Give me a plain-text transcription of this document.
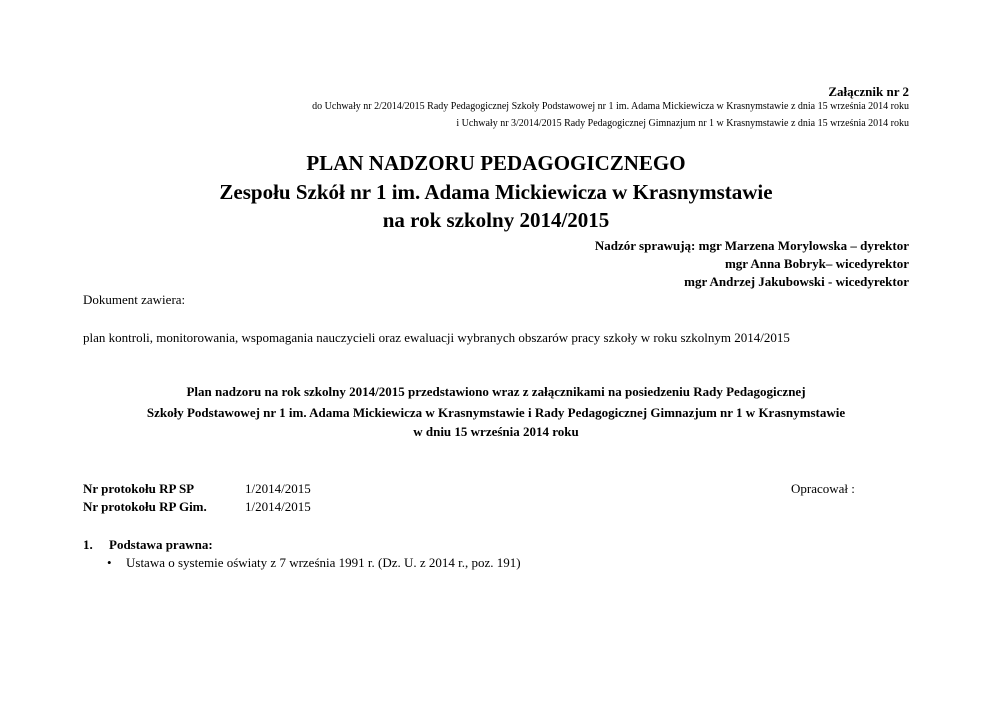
Załącznik nr 2
do Uchwały nr 2/2014/2015 Rady Pedagogicznej Szkoły Podstawowej nr 1 im. Adama Mickiewicza w Krasnymstawie z dnia 15 września 2014 roku
i Uchwały nr 3/2014/2015 Rady Pedagogicznej Gimnazjum nr 1 w Krasnymstawie z dnia 15 września 2014 roku
PLAN NADZORU PEDAGOGICZNEGO
Zespołu Szkół nr 1 im. Adama Mickiewicza w Krasnymstawie
na rok szkolny 2014/2015
Nadzór sprawują: mgr Marzena Morylowska – dyrektor
mgr Anna Bobryk– wicedyrektor
mgr Andrzej Jakubowski - wicedyrektor
Dokument zawiera:
plan kontroli, monitorowania, wspomagania nauczycieli oraz ewaluacji wybranych obszarów pracy szkoły w roku szkolnym 2014/2015
Plan nadzoru na rok szkolny 2014/2015 przedstawiono wraz z załącznikami na posiedzeniu Rady Pedagogicznej
Szkoły Podstawowej nr 1 im. Adama Mickiewicza w Krasnymstawie i Rady Pedagogicznej Gimnazjum nr 1 w Krasnymstawie
w dniu 15 września 2014 roku
Nr protokołu RP SP	1/2014/2015
Nr protokołu RP Gim.	1/2014/2015
Opracował :
1. Podstawa prawna:
• Ustawa o systemie oświaty z 7 września 1991 r. (Dz. U. z 2014 r., poz. 191)
